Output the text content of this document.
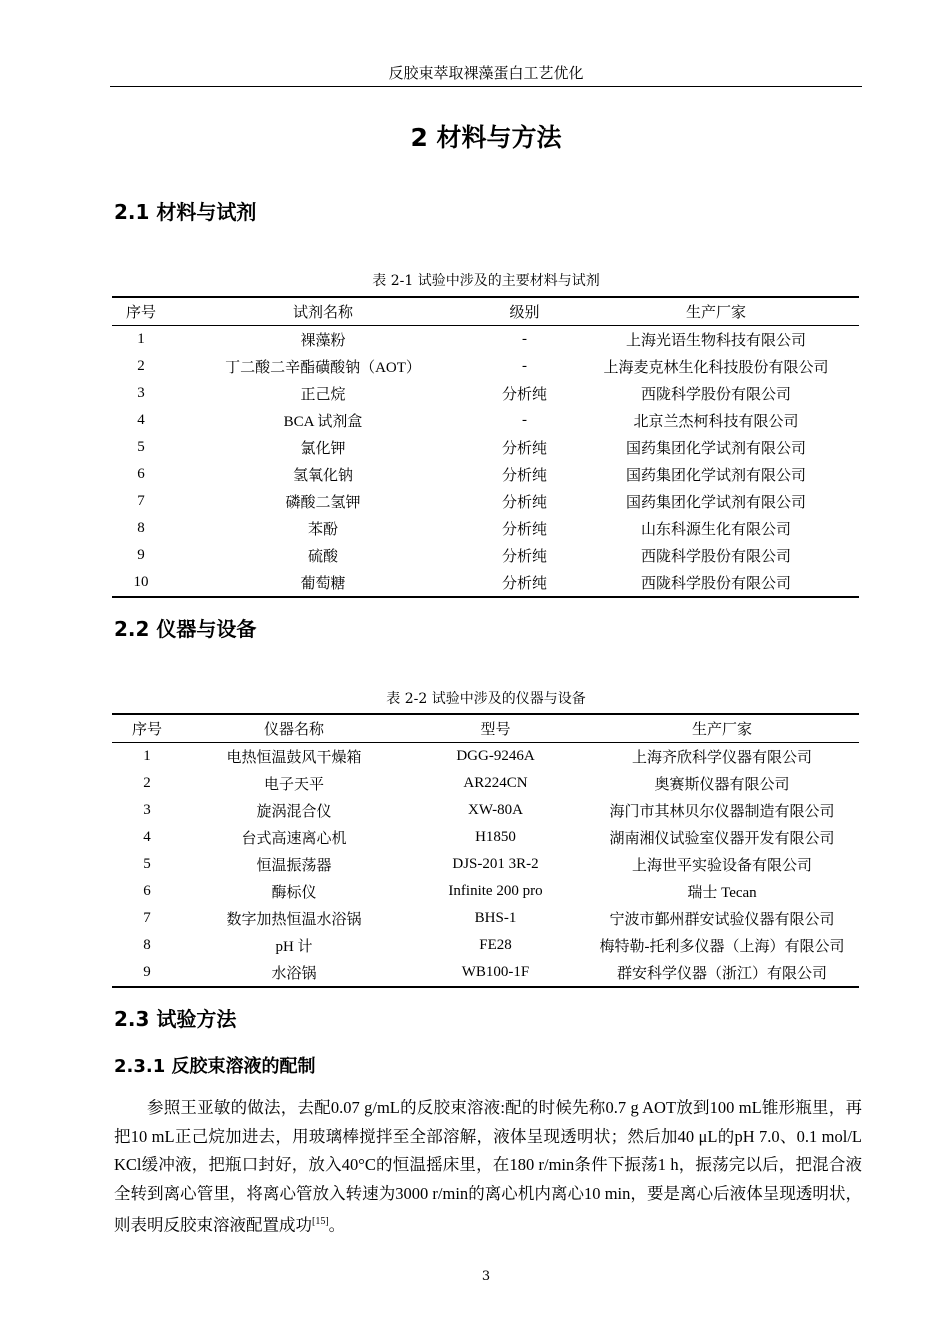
反胶束萃取裸藻蛋白工艺优化
2 材料与方法
2.1 材料与试剂
表 2-1 试验中涉及的主要材料与试剂
序号	试剂名称	级别	生产厂家
1	裸藻粉	-	上海光语生物科技有限公司
2	丁二酸二辛酯磺酸钠（AOT）	-	上海麦克林生化科技股份有限公司
3	正己烷	分析纯	西陇科学股份有限公司
4	BCA 试剂盒	-	北京兰杰柯科技有限公司
5	氯化钾	分析纯	国药集团化学试剂有限公司
6	氢氧化钠	分析纯	国药集团化学试剂有限公司
7	磷酸二氢钾	分析纯	国药集团化学试剂有限公司
8	苯酚	分析纯	山东科源生化有限公司
9	硫酸	分析纯	西陇科学股份有限公司
10	葡萄糖	分析纯	西陇科学股份有限公司
2.2 仪器与设备
表 2-2 试验中涉及的仪器与设备
序号	仪器名称	型号	生产厂家
1	电热恒温鼓风干燥箱	DGG-9246A	上海齐欣科学仪器有限公司
2	电子天平	AR224CN	奥赛斯仪器有限公司
3	旋涡混合仪	XW-80A	海门市其林贝尔仪器制造有限公司
4	台式高速离心机	H1850	湖南湘仪试验室仪器开发有限公司
5	恒温振荡器	DJS-201 3R-2	上海世平实验设备有限公司
6	酶标仪	Infinite 200 pro	瑞士 Tecan
7	数字加热恒温水浴锅	BHS-1	宁波市鄞州群安试验仪器有限公司
8	pH 计	FE28	梅特勒-托利多仪器（上海）有限公司
9	水浴锅	WB100-1F	群安科学仪器（浙江）有限公司
2.3 试验方法
2.3.1 反胶束溶液的配制
参照王亚敏的做法，去配0.07 g/mL的反胶束溶液:配的时候先称0.7 g AOT放到100 mL锥形瓶里，再把10 mL正己烷加进去，用玻璃棒搅拌至全部溶解，液体呈现透明状；然后加40 μL的pH 7.0、0.1 mol/L KCl缓冲液，把瓶口封好，放入40°C的恒温摇床里，在180 r/min条件下振荡1 h，振荡完以后，把混合液全转到离心管里，将离心管放入转速为3000 r/min的离心机内离心10 min，要是离心后液体呈现透明状，则表明反胶束溶液配置成功[15]。
3
